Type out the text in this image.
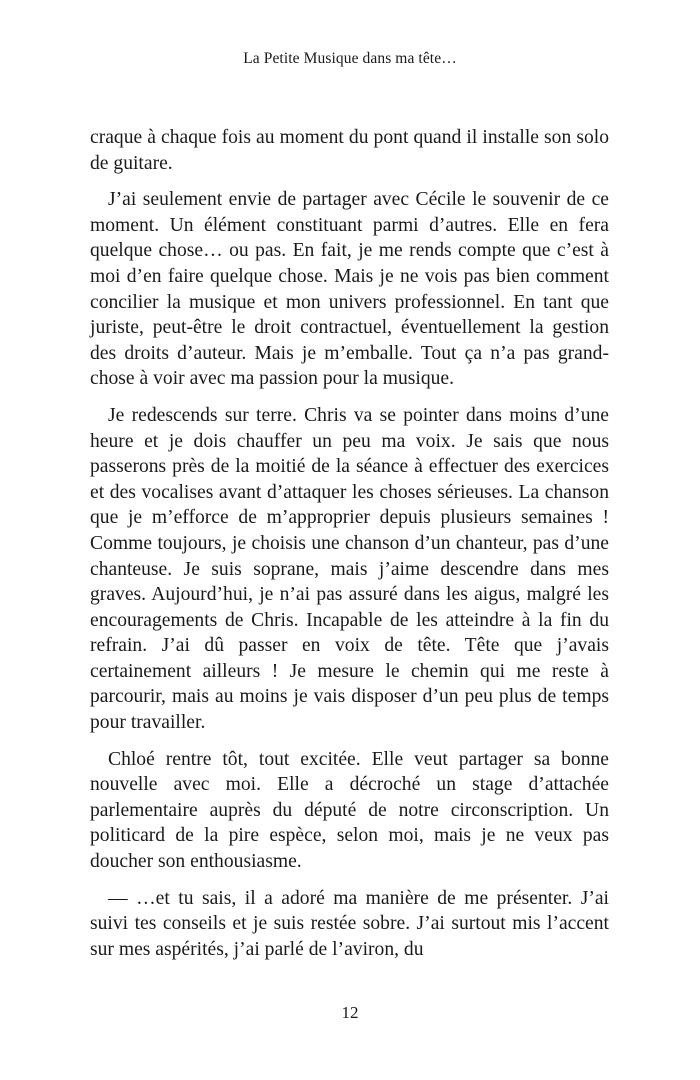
La Petite Musique dans ma tête…

craque à chaque fois au moment du pont quand il installe son solo de guitare.

J’ai seulement envie de partager avec Cécile le souvenir de ce moment. Un élément constituant parmi d’autres. Elle en fera quelque chose… ou pas. En fait, je me rends compte que c’est à moi d’en faire quelque chose. Mais je ne vois pas bien comment concilier la musique et mon univers professionnel. En tant que juriste, peut-être le droit contractuel, éventuellement la gestion des droits d’auteur. Mais je m’emballe. Tout ça n’a pas grand-chose à voir avec ma passion pour la musique.

Je redescends sur terre. Chris va se pointer dans moins d’une heure et je dois chauffer un peu ma voix. Je sais que nous passerons près de la moitié de la séance à effectuer des exercices et des vocalises avant d’attaquer les choses sérieuses. La chanson que je m’efforce de m’approprier depuis plusieurs semaines ! Comme toujours, je choisis une chanson d’un chanteur, pas d’une chanteuse. Je suis soprane, mais j’aime descendre dans mes graves. Aujourd’hui, je n’ai pas assuré dans les aigus, malgré les encouragements de Chris. Incapable de les atteindre à la fin du refrain. J’ai dû passer en voix de tête. Tête que j’avais certainement ailleurs ! Je mesure le chemin qui me reste à parcourir, mais au moins je vais disposer d’un peu plus de temps pour travailler.

Chloé rentre tôt, tout excitée. Elle veut partager sa bonne nouvelle avec moi. Elle a décroché un stage d’attachée parlementaire auprès du député de notre circonscription. Un politicard de la pire espèce, selon moi, mais je ne veux pas doucher son enthousiasme.

— …et tu sais, il a adoré ma manière de me présenter. J’ai suivi tes conseils et je suis restée sobre. J’ai surtout mis l’accent sur mes aspérités, j’ai parlé de l’aviron, du

12
